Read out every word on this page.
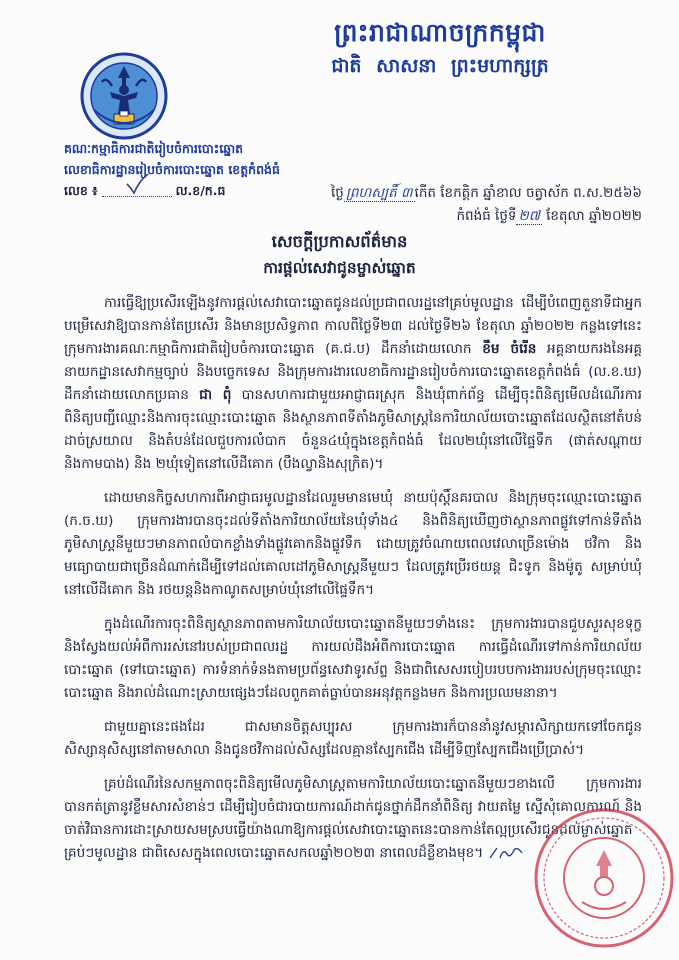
ព្រះរាជាណាចក្រកម្ពុជា
ជាតិ សាសនា ព្រះមហាក្សត្រ
គណៈកម្មាធិការជាតិរៀបចំការបោះឆ្នោត
លេខាធិការដ្ឋានរៀបចំការបោះឆ្នោត ខេត្តកំពង់ធំ
លេខ ៖	ល.ខ/ក.ធ	ថ្ងៃ ព្រហស្បតិ៍ ៣ កើត ខែកត្តិក ឆ្នាំខាល ចត្វាស័ក ព.ស.២៥៦៦
កំពង់ធំ ថ្ងៃទី ២៧ ខែតុលា ឆ្នាំ២០២២
សេចក្តីប្រកាសព័ត៌មាន
ការផ្តល់សេវាជូនម្ចាស់ឆ្នោត

ការធ្វើឱ្យប្រសើរឡើងនូវការផ្តល់សេវាបោះឆ្នោតជូនដល់ប្រជាពលរដ្ឋនៅគ្រប់មូលដ្ឋាន ដើម្បីបំពេញតួនាទីជាអ្នកបម្រើសេវាឱ្យបានកាន់តែប្រសើរ និងមានប្រសិទ្ធភាព កាលពីថ្ងៃទី២៣ ដល់ថ្ងៃទី២៦ ខែតុលា ឆ្នាំ២០២២ កន្លងទៅនេះ ក្រុមការងារគណៈកម្មាធិការជាតិរៀបចំការបោះឆ្នោត (គ.ជ.ប) ដឹកនាំដោយលោក ខឹម ចំរើន អគ្គនាយករងនៃអគ្គនាយកដ្ឋានសេវាកម្មច្បាប់ និងបច្ចេកទេស និងក្រុមការងារលេខាធិការដ្ឋានរៀបចំការបោះឆ្នោតខេត្តកំពង់ធំ (ល.ខ.ឃ) ដឹកនាំដោយលោកប្រធាន ជា ពុំ បានសហការជាមួយអាជ្ញាធរស្រុក និងឃុំពាក់ព័ន្ធ ដើម្បីចុះពិនិត្យមើលដំណើរការពិនិត្យបញ្ជីឈ្មោះនិងការចុះឈ្មោះបោះឆ្នោត និងស្ថានភាពទីតាំងភូមិសាស្ត្រនៃការិយាល័យបោះឆ្នោតដែលស្ថិតនៅតំបន់ដាច់ស្រយាល និងតំបន់ដែលជួបការលំបាក ចំនួន៤ឃុំក្នុងខេត្តកំពង់ធំ ដែល២ឃុំនៅលើផ្ទៃទឹក (ផាត់សណ្តាយនិងកាមបាង) និង ២ឃុំទៀតនៅលើដីគោក (បឹងល្វានិងសុក្រិត)។

ដោយមានកិច្ចសហការពីអាជ្ញាធរមូលដ្ឋានដែលរួមមានមេឃុំ នាយប៉ុស្តិ៍នគរបាល និងក្រុមចុះឈ្មោះបោះឆ្នោត (ក.ច.ឃ) ក្រុមការងារបានចុះដល់ទីតាំងការិយាល័យនៃឃុំទាំង៤ និងពិនិត្យឃើញថាស្ថានភាពផ្លូវទៅកាន់ទីតាំងភូមិសាស្ត្រនីមួយៗមានភាពលំបាកខ្លាំងទាំងផ្លូវគោកនិងផ្លូវទឹក ដោយត្រូវចំណាយពេលវេលាច្រើនម៉ោង ថវិកា និងមធ្យោបាយជាច្រើនដំណាក់ដើម្បីទៅដល់គោលដៅភូមិសាស្ត្រនីមួយៗ ដែលត្រូវប្រើរថយន្ត ជិះទូក និងម៉ូតូ សម្រាប់ឃុំនៅលើដីគោក និង រថយន្តនិងកាណូតសម្រាប់ឃុំនៅលើផ្ទៃទឹក។

ក្នុងដំណើរការចុះពិនិត្យស្ថានភាពតាមការិយាល័យបោះឆ្នោតនីមួយៗទាំងនេះ ក្រុមការងារបានជួបសួរសុខទុក្ខនិងស្វែងយល់អំពីការរស់នៅរបស់ប្រជាពលរដ្ឋ ការយល់ដឹងអំពីការបោះឆ្នោត ការធ្វើដំណើរទៅកាន់ការិយាល័យបោះឆ្នោត (ទៅបោះឆ្នោត) ការទំនាក់ទំនងតាមប្រព័ន្ធសេវាទូរស័ព្ទ និងជាពិសេសរបៀបរបបការងាររបស់ក្រុមចុះឈ្មោះបោះឆ្នោត និងរាល់ដំណោះស្រាយផ្សេងៗដែលពួកគាត់ធ្លាប់បានអនុវត្តកន្លងមក និងការប្រឈមនានា។

ជាមួយគ្នានេះផងដែរ ជាសមានចិត្តសប្បុរស ក្រុមការងារក៏បាននាំនូវសម្ភារសិក្សាយកទៅចែកជូនសិស្សានុសិស្សនៅតាមសាលា និងជូនថវិកាដល់សិស្សដែលគ្មានស្បែកជើង ដើម្បីទិញស្បែកជើងប្រើប្រាស់។

គ្រប់ដំណើរនៃសកម្មភាពចុះពិនិត្យមើលភូមិសាស្ត្រតាមការិយាល័យបោះឆ្នោតនីមួយៗខាងលើ ក្រុមការងារបានកត់ត្រានូវខ្លឹមសារសំខាន់ៗ ដើម្បីរៀបចំជារបាយការណ៍ដាក់ជូនថ្នាក់ដឹកនាំពិនិត្យ វាយតម្លៃ ស្នើសុំគោលការណ៍ និងចាត់វិធានការដោះស្រាយសមស្របធ្វើយ៉ាងណាឱ្យការផ្តល់សេវាបោះឆ្នោតនេះបានកាន់តែល្អប្រសើរជូនដល់ម្ចាស់ឆ្នោតគ្រប់ៗមូលដ្ឋាន ជាពិសេសក្នុងពេលបោះឆ្នោតសកលឆ្នាំ២០២៣ នាពេលដ៏ខ្លីខាងមុខ។
